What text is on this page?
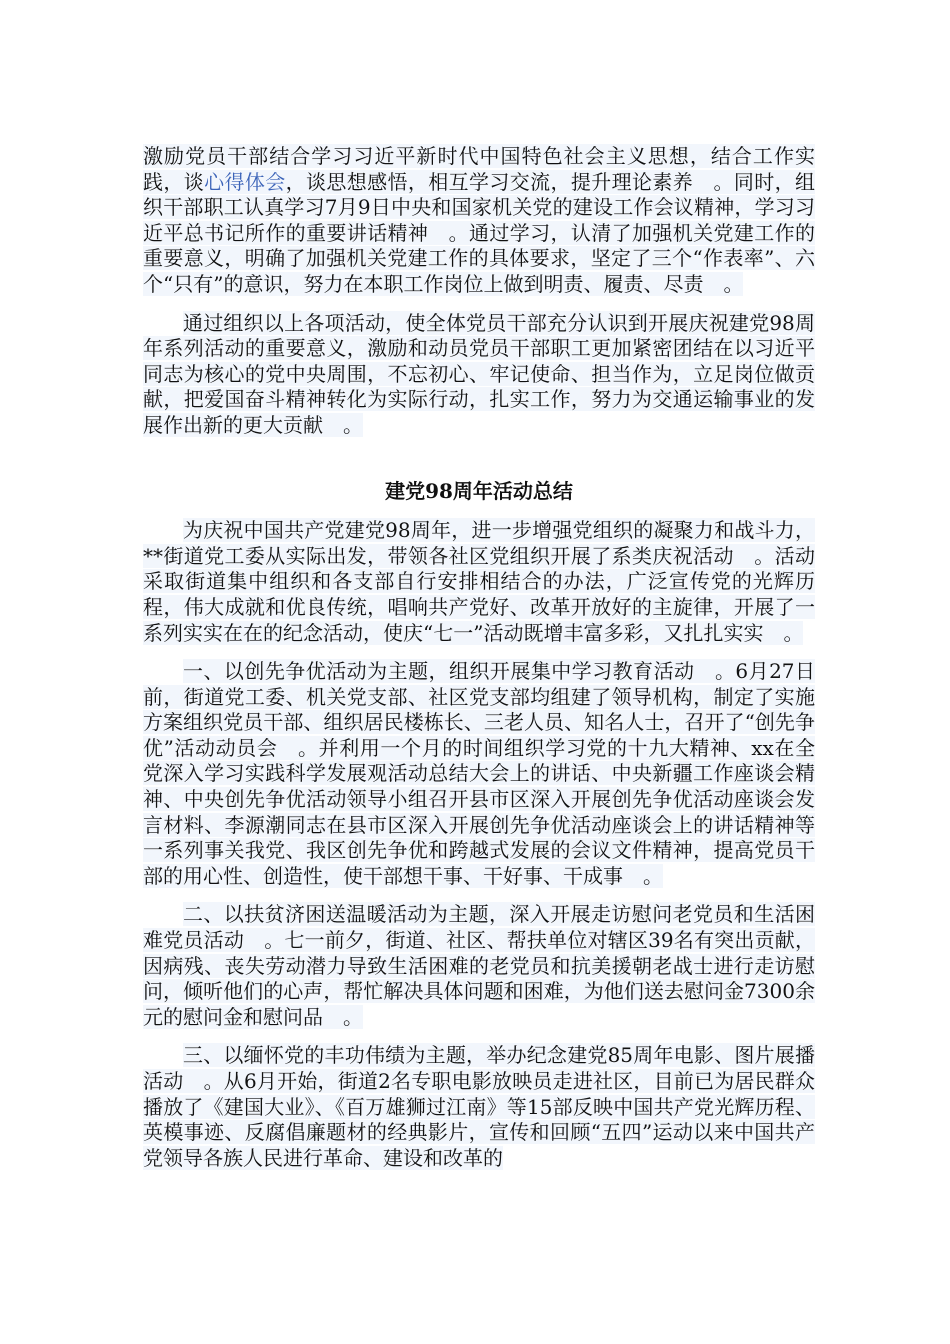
激励党员干部结合学习习近平新时代中国特色社会主义思想，结合工作实践，谈心得体会，谈思想感悟，相互学习交流，提升理论素养　。同时，组织干部职工认真学习7月9日中央和国家机关党的建设工作会议精神，学习习近平总书记所作的重要讲话精神　。通过学习，认清了加强机关党建工作的重要意义，明确了加强机关党建工作的具体要求，坚定了三个“作表率”、六个“只有”的意识，努力在本职工作岗位上做到明责、履责、尽责　。

通过组织以上各项活动，使全体党员干部充分认识到开展庆祝建党98周年系列活动的重要意义，激励和动员党员干部职工更加紧密团结在以习近平同志为核心的党中央周围，不忘初心、牢记使命、担当作为，立足岗位做贡献，把爱国奋斗精神转化为实际行动，扎实工作，努力为交通运输事业的发展作出新的更大贡献　。

建党98周年活动总结

为庆祝中国共产党建党98周年，进一步增强党组织的凝聚力和战斗力，**街道党工委从实际出发，带领各社区党组织开展了系类庆祝活动　。活动采取街道集中组织和各支部自行安排相结合的办法，广泛宣传党的光辉历程，伟大成就和优良传统，唱响共产党好、改革开放好的主旋律，开展了一系列实实在在的纪念活动，使庆“七一”活动既增丰富多彩，又扎扎实实　。

一、以创先争优活动为主题，组织开展集中学习教育活动　。6月27日前，街道党工委、机关党支部、社区党支部均组建了领导机构，制定了实施方案组织党员干部、组织居民楼栋长、三老人员、知名人士，召开了“创先争优”活动动员会　。并利用一个月的时间组织学习党的十九大精神、xx在全党深入学习实践科学发展观活动总结大会上的讲话、中央新疆工作座谈会精神、中央创先争优活动领导小组召开县市区深入开展创先争优活动座谈会发言材料、李源潮同志在县市区深入开展创先争优活动座谈会上的讲话精神等一系列事关我党、我区创先争优和跨越式发展的会议文件精神，提高党员干部的用心性、创造性，使干部想干事、干好事、干成事　。

二、以扶贫济困送温暖活动为主题，深入开展走访慰问老党员和生活困难党员活动　。七一前夕，街道、社区、帮扶单位对辖区39名有突出贡献，因病残、丧失劳动潜力导致生活困难的老党员和抗美援朝老战士进行走访慰问，倾听他们的心声，帮忙解决具体问题和困难，为他们送去慰问金7300余元的慰问金和慰问品　。

三、以缅怀党的丰功伟绩为主题，举办纪念建党85周年电影、图片展播活动　。从6月开始，街道2名专职电影放映员走进社区，目前已为居民群众播放了《建国大业》、《百万雄狮过江南》等15部反映中国共产党光辉历程、英模事迹、反腐倡廉题材的经典影片，宣传和回顾“五四”运动以来中国共产党领导各族人民进行革命、建设和改革的
